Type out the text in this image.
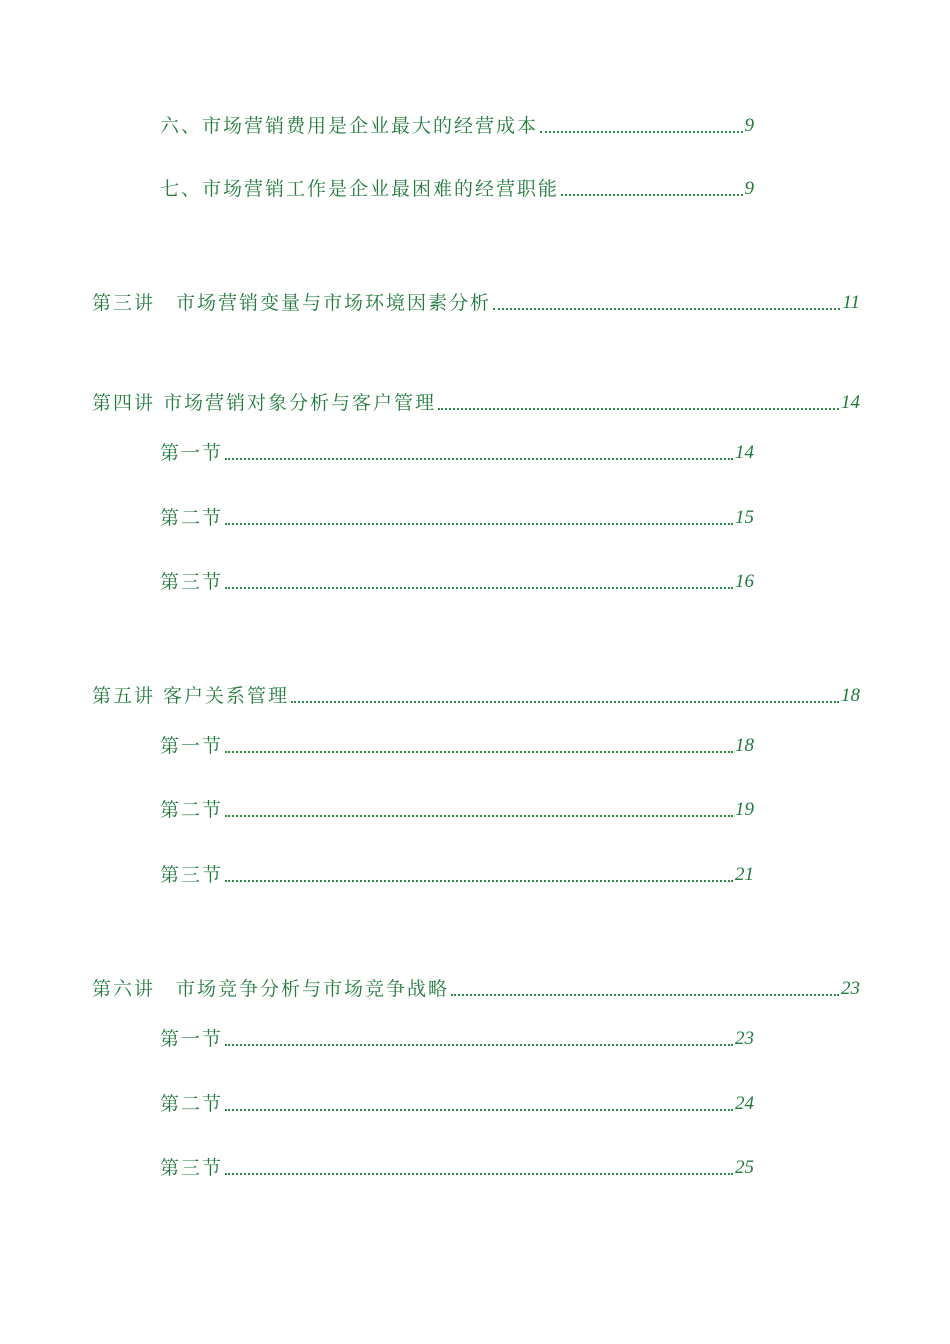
六、市场营销费用是企业最大的经营成本	9
七、市场营销工作是企业最困难的经营职能	9
第三讲　市场营销变量与市场环境因素分析	11
第四讲 市场营销对象分析与客户管理	14
第一节	14
第二节	15
第三节	16
第五讲 客户关系管理	18
第一节	18
第二节	19
第三节	21
第六讲　市场竞争分析与市场竞争战略	23
第一节	23
第二节	24
第三节	25
